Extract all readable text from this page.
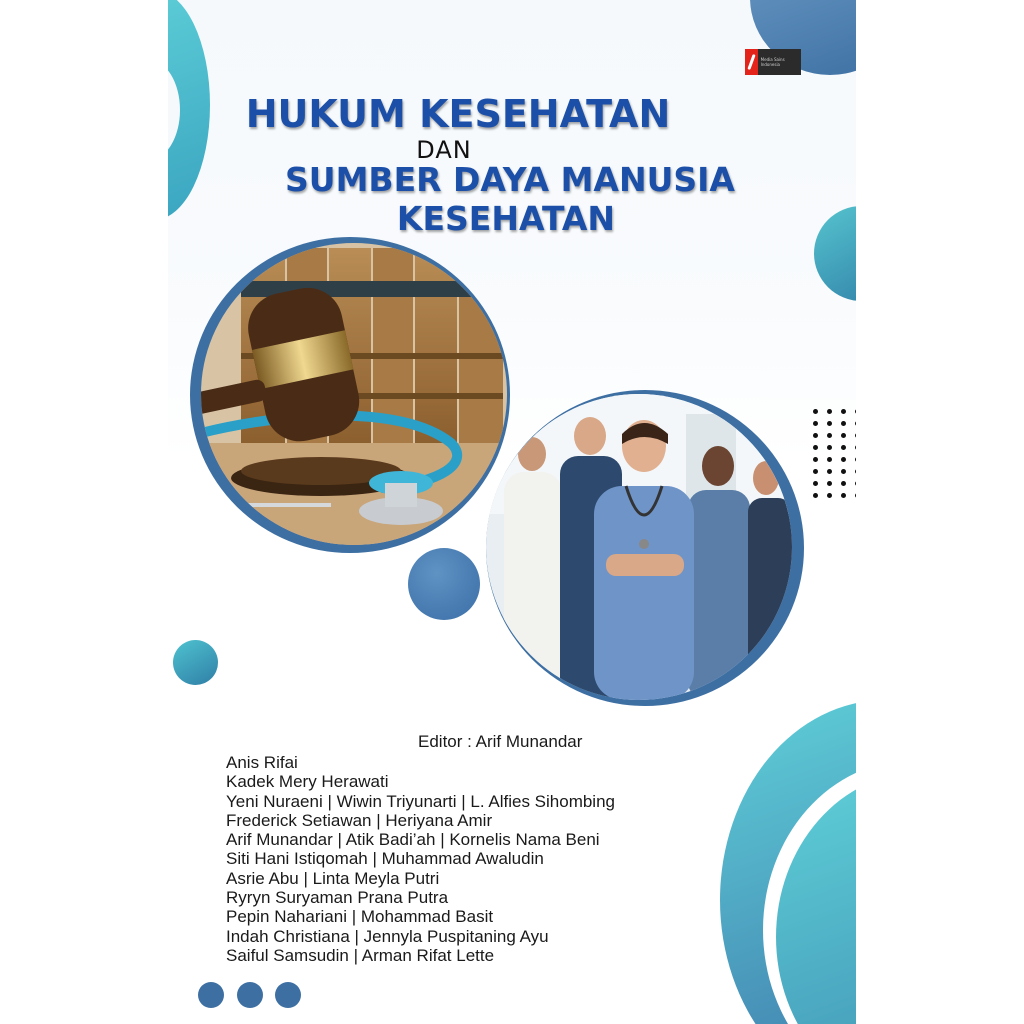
Media Sains Indonesia
HUKUM KESEHATAN
DAN
SUMBER DAYA MANUSIA
KESEHATAN
Editor : Arif Munandar
Anis Rifai
Kadek Mery Herawati
Yeni Nuraeni | Wiwin Triyunarti | L. Alfies Sihombing
Frederick Setiawan | Heriyana Amir
Arif Munandar | Atik Badi’ah | Kornelis Nama Beni
Siti Hani Istiqomah | Muhammad Awaludin
Asrie Abu | Linta Meyla Putri
Ryryn Suryaman Prana Putra
Pepin Nahariani | Mohammad Basit
Indah Christiana | Jennyla Puspitaning Ayu
Saiful Samsudin | Arman Rifat Lette
